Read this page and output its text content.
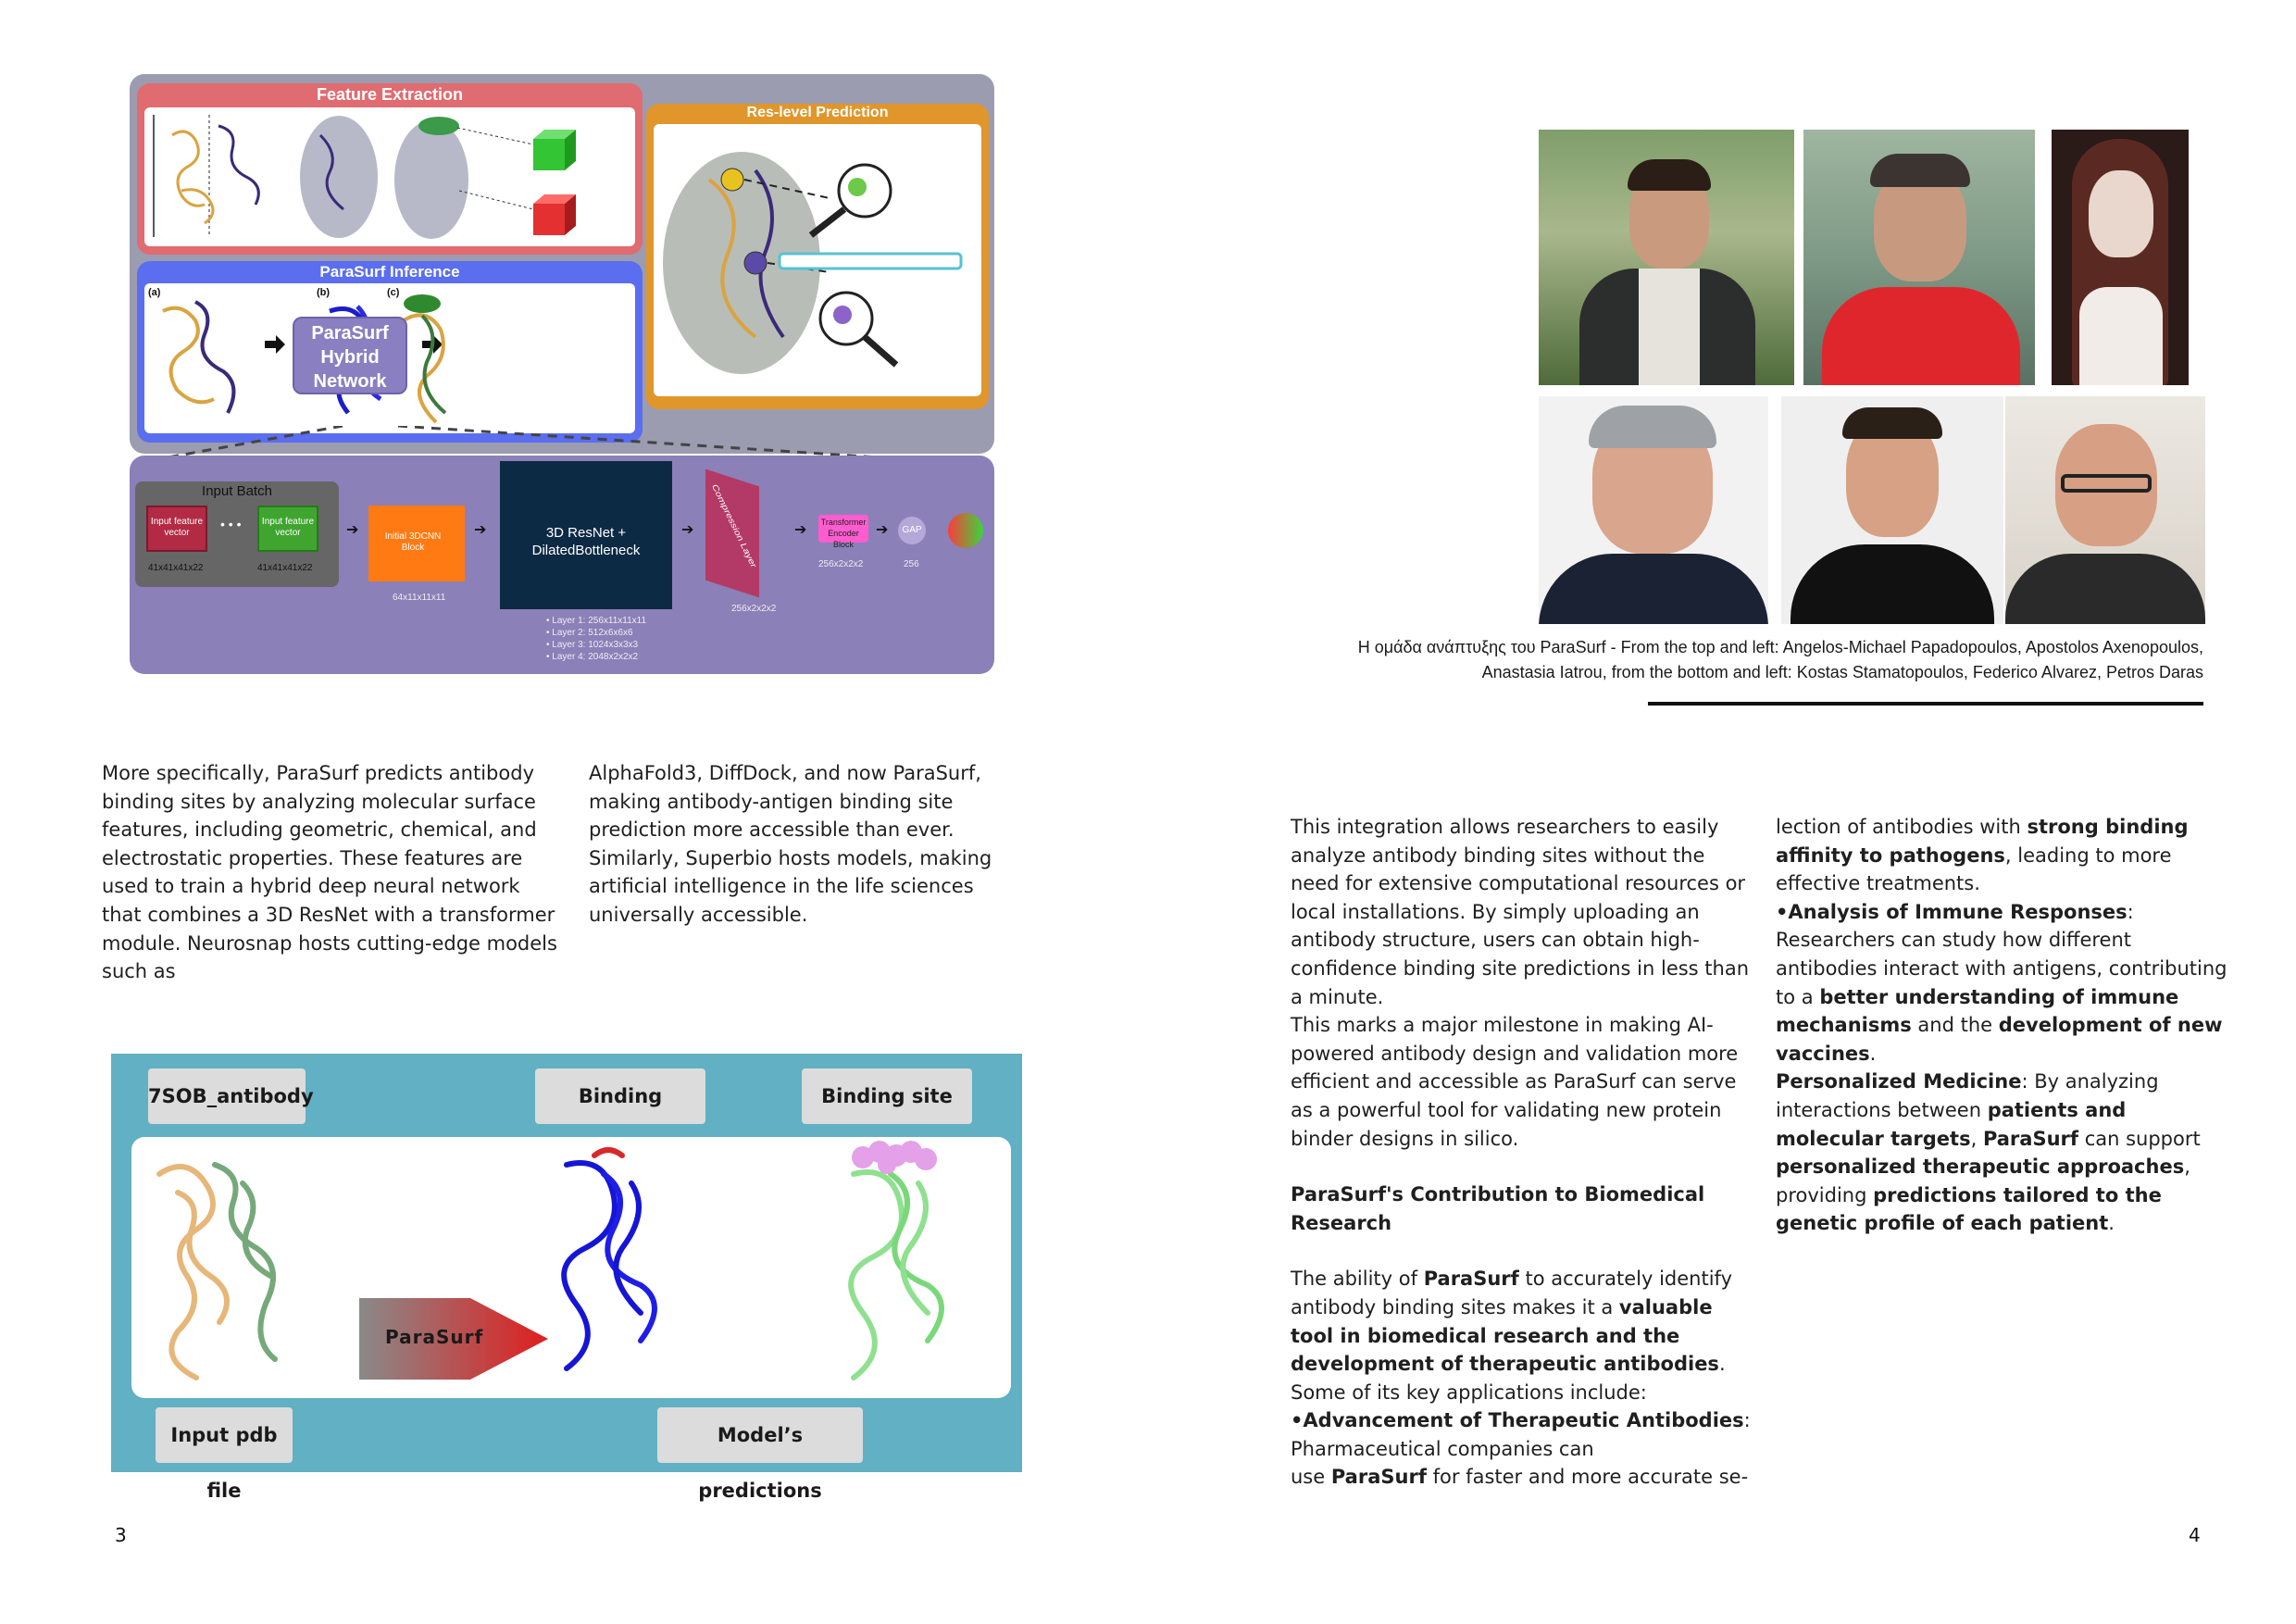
Feature Extraction
Res-level Prediction
ParaSurf Inference
(a)	(b)	(c)
ParaSurf
Hybrid
Network
Input Batch
Input feature vector
• • • Input feature vector
41x41x41x22	41x41x41x22
➔	Initial 3DCNN Block
64x11x11x11
➔	3D ResNet +
DilatedBottleneck
• Layer 1: 256x11x11x11
• Layer 2: 512x6x6x6
• Layer 3: 1024x3x3x3
• Layer 4: 2048x2x2x2
➔	Compression Layer
256x2x2x2
➔ Transformer Encoder Block
256x2x2x2
➔	GAP
256

More specifically, ParaSurf predicts antibody binding sites by analyzing molecular surface features, including geometric, chemical, and electrostatic properties. These features are used to train a hybrid deep neural network that combines a 3D ResNet with a transformer module. Neurosnap hosts cutting-edge models such as

AlphaFold3, DiffDock, and now ParaSurf, making antibody-antigen binding site prediction more accessible than ever.

Similarly, Superbio hosts models, making artificial intelligence in the life sciences universally accessible.

7SOB_antibody	Binding	Binding site
ParaSurf
Input pdb file
Model’s predictions
3
Η ομάδα ανάπτυξης του ParaSurf - From the top and left: Angelos-Michael Papadopoulos, Apostolos Axenopoulos,
Anastasia Iatrou, from the bottom and left: Kostas Stamatopoulos, Federico Alvarez, Petros Daras

This integration allows researchers to easily analyze antibody binding sites without the need for extensive computational resources or local installations. By simply uploading an antibody structure, users can obtain high-confidence binding site predictions in less than a minute.

This marks a major milestone in making AI-powered antibody design and validation more efficient and accessible as ParaSurf can serve as a powerful tool for validating new protein binder designs in silico.

ParaSurf's Contribution to Biomedical Research

The ability of ParaSurf to accurately identify antibody binding sites makes it a valuable tool in biomedical research and the development of therapeutic antibodies. Some of its key applications include:

•Advancement of Therapeutic Antibodies: Pharmaceutical companies can
use ParaSurf for faster and more accurate se-

lection of antibodies with strong binding affinity to pathogens, leading to more effective treatments.

•Analysis of Immune Responses: Researchers can study how different antibodies interact with antigens, contributing to a better understanding of immune mechanisms and the development of new vaccines.

Personalized Medicine: By analyzing interactions between patients and molecular targets, ParaSurf can support personalized therapeutic approaches, providing predictions tailored to the genetic profile of each patient.

4
